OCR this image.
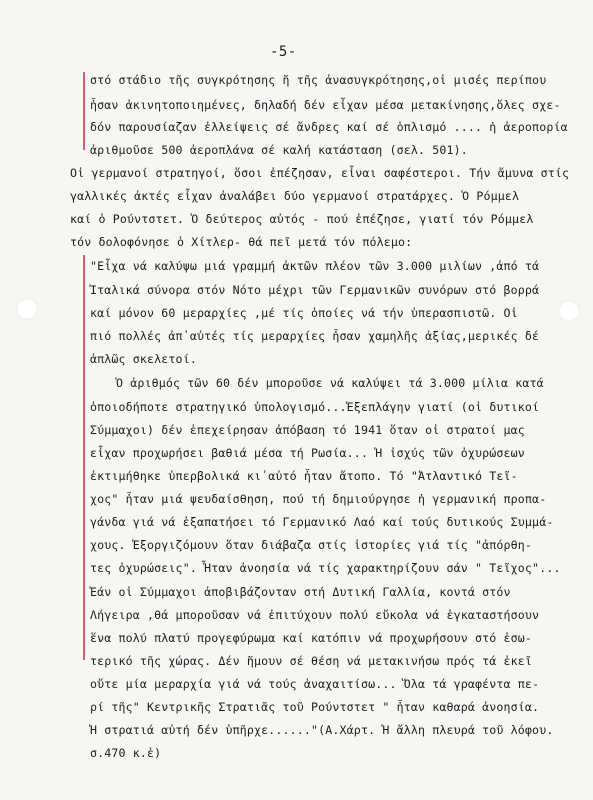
-5-
στό στάδιο τῆς συγκρότησης ἤ τῆς ἀνασυγκρότησης,οἱ μισές περίπου
ἦσαν ἀκινητοποιημένες, δηλαδή δέν εἶχαν μέσα μετακίνησης,ὅλες σχε-
δόν παρουσίαζαν ἐλλείψεις σέ ἄνδρες καί σέ ὁπλισμό .... ἡ ἀεροπορία
ἀριθμοῦσε 500 ἀεροπλάνα σέ καλή κατάσταση (σελ. 501).
Οἱ γερμανοί στρατηγοί, ὅσοι ἐπέζησαν, εἶναι σαφέστεροι. Τήν ἄμυνα στίς
γαλλικές ἀκτές εἶχαν ἀναλάβει δύο γερμανοί στρατάρχες. Ὁ Ρόμμελ
καί ὁ Ρούντστετ. Ὁ δεύτερος αὐτός - πού ἐπέζησε, γιατί τόν Ρόμμελ
τόν δολοφόνησε ὁ Χίτλερ- θά πεῖ μετά τόν πόλεμο:
"Εἶχα νά καλύψω μιά γραμμή ἀκτῶν πλέον τῶν 3.000 μιλίων ,ἀπό τά
Ἰταλικά σύνορα στόν Νότο μέχρι τῶν Γερμανικῶν συνόρων στό βορρά
καί μόνον 60 μεραρχίες ,μέ τίς ὁποίες νά τήν ὑπερασπιστῶ. Οἱ
πιό πολλές ἀπ᾽αὐτές τίς μεραρχίες ἦσαν χαμηλῆς ἀξίας,μερικές δέ
ἁπλῶς σκελετοί.
Ὁ ἀριθμός τῶν 60 δέν μποροῦσε νά καλύψει τά 3.000 μίλια κατά
ὁποιοδήποτε στρατηγικό ὑπολογισμό...Ἐξεπλάγην γιατί (οἱ δυτικοί
Σύμμαχοι) δέν ἐπεχείρησαν ἀπόβαση τό 1941 ὅταν οἱ στρατοί μας
εἶχαν προχωρήσει βαθιά μέσα τή Ρωσία... Ἡ ἰσχύς τῶν ὀχυρώσεων
ἐκτιμήθηκε ὑπερβολικά κι᾽αὐτό ἦταν ἄτοπο. Τό "Ἀτλαντικό Τεῖ-
χος" ἦταν μιά ψευδαίσθηση, πού τή δημιούργησε ἡ γερμανική προπα-
γάνδα γιά νά ἐξαπατήσει τό Γερμανικό Λαό καί τούς δυτικούς Συμμά-
χους. Ἐξοργιζόμουν ὅταν διάβαζα στίς ἱστορίες γιά τίς "ἀπόρθη-
τες ὀχυρώσεις". Ἦταν ἀνοησία νά τίς χαρακτηρίζουν σάν " Τεῖχος"...
Ἐάν οἱ Σύμμαχοι ἀποβιβάζονταν στή Δυτική Γαλλία, κοντά στόν
Λήγειρα ,θά μποροῦσαν νά ἐπιτύχουν πολύ εὔκολα νά ἐγκαταστήσουν
ἕνα πολύ πλατύ προγεφύρωμα καί κατόπιν νά προχωρήσουν στό ἐσω-
τερικό τῆς χώρας. Δέν ἤμουν σέ θέση νά μετακινήσω πρός τά ἐκεῖ
οὔτε μία μεραρχία γιά νά τούς ἀναχαιτίσω... Ὅλα τά γραφέντα πε-
ρί τῆς" Κεντρικῆς Στρατιᾶς τοῦ Ρούντστετ " ἦταν καθαρά ἀνοησία.
Ἡ στρατιά αὐτή δέν ὑπῆρχε......"(Α.Χάρτ. Ἡ ἄλλη πλευρά τοῦ λόφου.
σ.470 κ.ἑ)
